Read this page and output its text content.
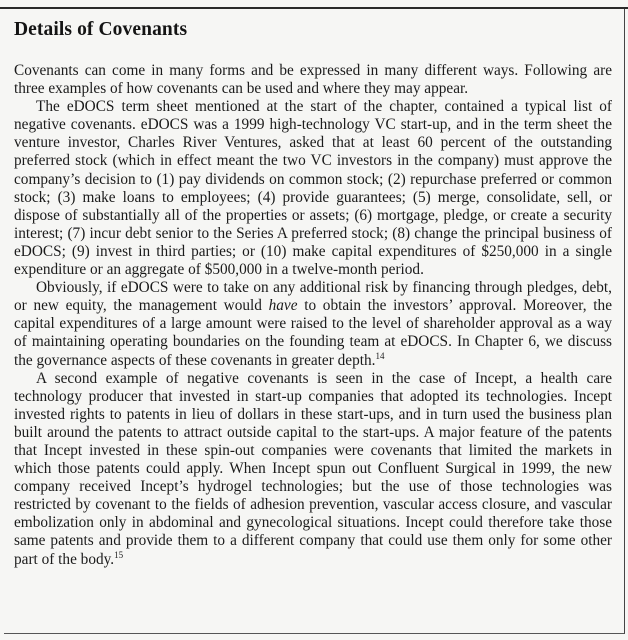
Details of Covenants

Covenants can come in many forms and be expressed in many different ways. Following are three examples of how covenants can be used and where they may appear.

The eDOCS term sheet mentioned at the start of the chapter, contained a typical list of negative covenants. eDOCS was a 1999 high-technology VC start-up, and in the term sheet the venture investor, Charles River Ventures, asked that at least 60 percent of the outstanding preferred stock (which in effect meant the two VC investors in the company) must approve the company’s decision to (1) pay dividends on common stock; (2) repurchase preferred or common stock; (3) make loans to employees; (4) provide guarantees; (5) merge, consolidate, sell, or dispose of substantially all of the properties or assets; (6) mortgage, pledge, or create a security interest; (7) incur debt senior to the Series A preferred stock; (8) change the principal business of eDOCS; (9) invest in third parties; or (10) make capital expenditures of $250,000 in a single expenditure or an aggregate of $500,000 in a twelve-month period.

Obviously, if eDOCS were to take on any additional risk by financing through pledges, debt, or new equity, the management would have to obtain the investors’ approval. Moreover, the capital expenditures of a large amount were raised to the level of shareholder approval as a way of maintaining operating boundaries on the founding team at eDOCS. In Chapter 6, we discuss the governance aspects of these covenants in greater depth.$^{14}$

A second example of negative covenants is seen in the case of Incept, a health care technology producer that invested in start-up companies that adopted its technologies. Incept invested rights to patents in lieu of dollars in these start-ups, and in turn used the business plan built around the patents to attract outside capital to the start-ups. A major feature of the patents that Incept invested in these spin-out companies were covenants that limited the markets in which those patents could apply. When Incept spun out Confluent Surgical in 1999, the new company received Incept’s hydrogel technologies; but the use of those technologies was restricted by covenant to the fields of adhesion prevention, vascular access closure, and vascular embolization only in abdominal and gynecological situations. Incept could therefore take those same patents and provide them to a different company that could use them only for some other part of the body.$^{15}$
